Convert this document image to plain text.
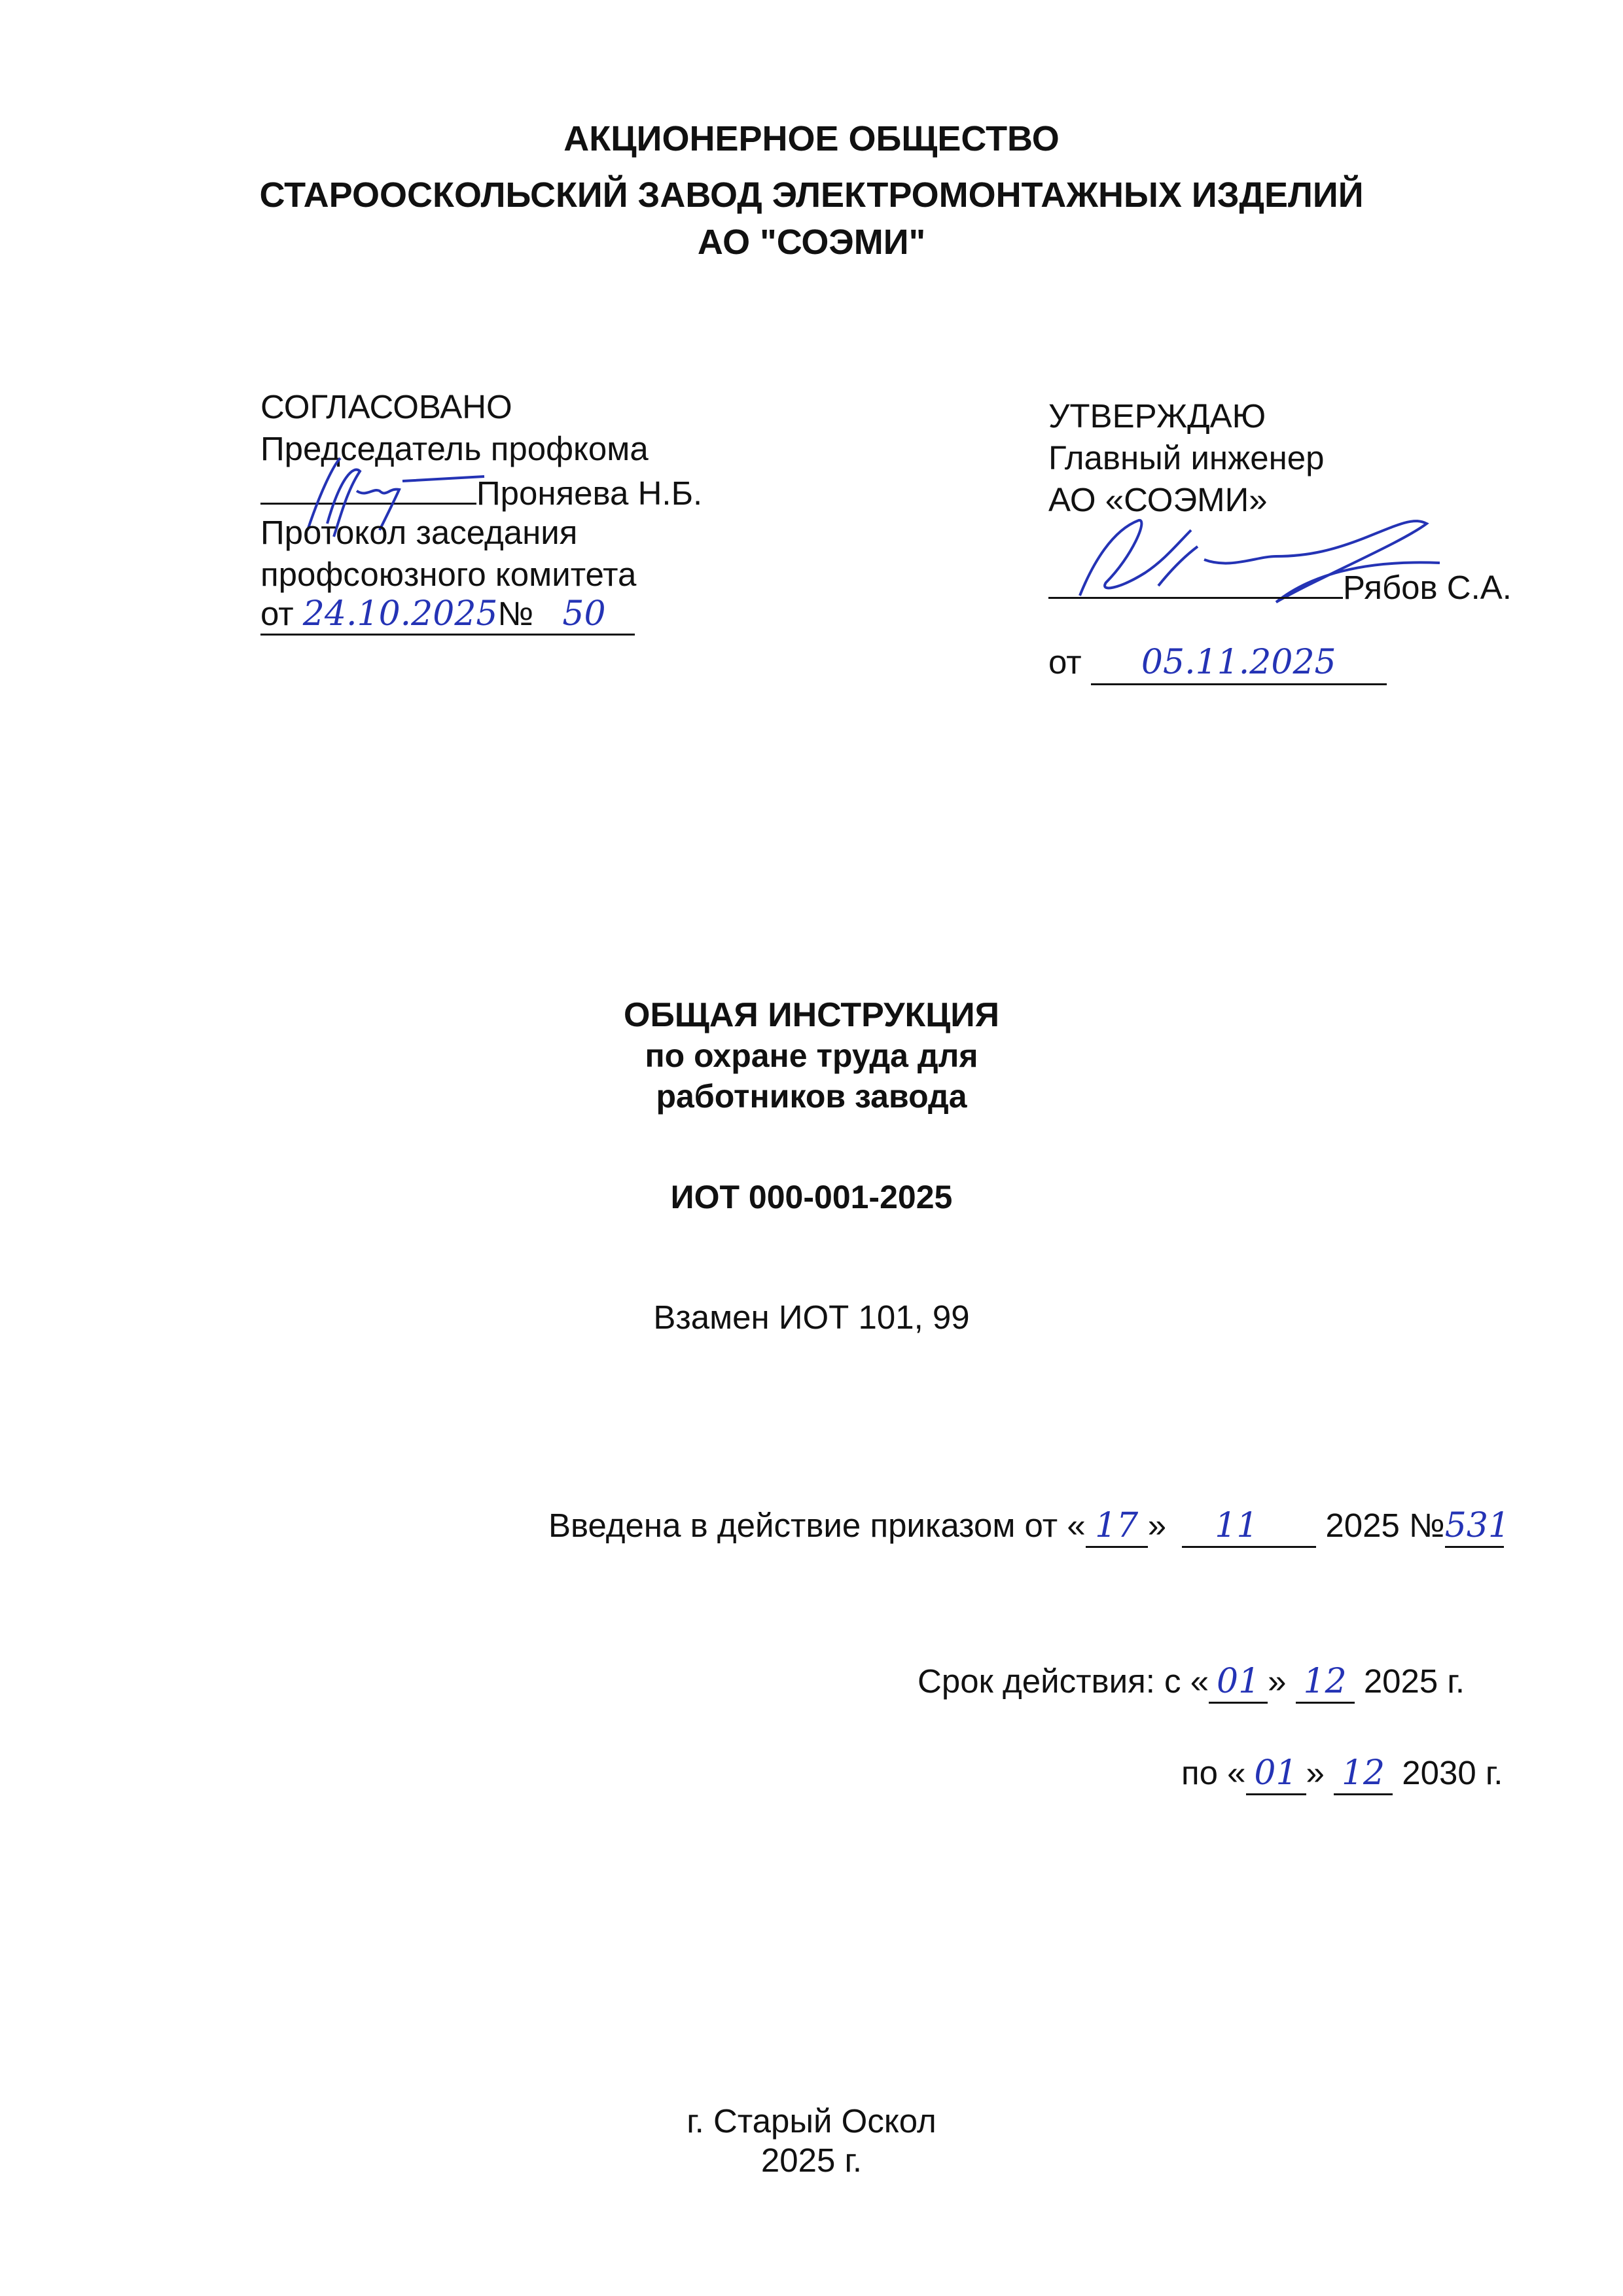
АКЦИОНЕРНОЕ ОБЩЕСТВО
СТАРООСКОЛЬСКИЙ ЗАВОД ЭЛЕКТРОМОНТАЖНЫХ ИЗДЕЛИЙ
АО "СОЭМИ"
СОГЛАСОВАНО
Председатель профкома
Проняева Н.Б.
Протокол заседания
профсоюзного комитета
от 24.10.2025№ 50
УТВЕРЖДАЮ
Главный инженер
АО «СОЭМИ»
Рябов С.А.
от 05.11.2025
ОБЩАЯ ИНСТРУКЦИЯ
по охране труда для
работников завода
ИОТ 000-001-2025
Взамен ИОТ 101, 99
Введена в действие приказом от « 17 » 11 2025 №531
Срок действия: с « 01 » 12 2025 г.
по « 01 » 12 2030 г.
г. Старый Оскол
2025 г.
